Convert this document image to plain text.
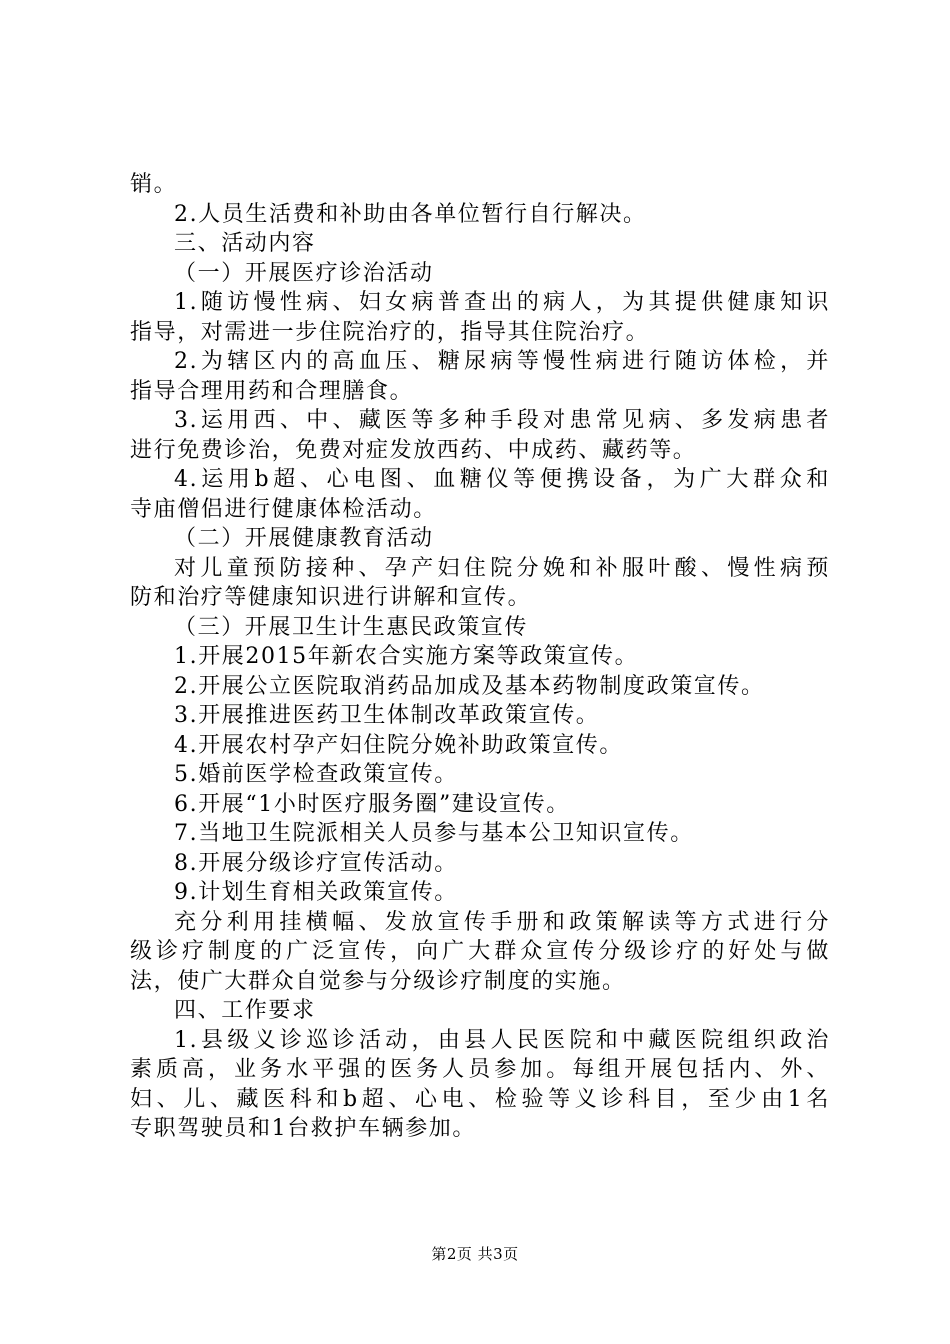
销。
2.人员生活费和补助由各单位暂行自行解决。
三、活动内容
（一）开展医疗诊治活动
1.随访慢性病、妇女病普查出的病人，为其提供健康知识
指导，对需进一步住院治疗的，指导其住院治疗。
2.为辖区内的高血压、糖尿病等慢性病进行随访体检，并
指导合理用药和合理膳食。
3.运用西、中、藏医等多种手段对患常见病、多发病患者
进行免费诊治，免费对症发放西药、中成药、藏药等。
4.运用b超、心电图、血糖仪等便携设备，为广大群众和
寺庙僧侣进行健康体检活动。
（二）开展健康教育活动
对儿童预防接种、孕产妇住院分娩和补服叶酸、慢性病预
防和治疗等健康知识进行讲解和宣传。
（三）开展卫生计生惠民政策宣传
1.开展2015年新农合实施方案等政策宣传。
2.开展公立医院取消药品加成及基本药物制度政策宣传。
3.开展推进医药卫生体制改革政策宣传。
4.开展农村孕产妇住院分娩补助政策宣传。
5.婚前医学检查政策宣传。
6.开展“1小时医疗服务圈”建设宣传。
7.当地卫生院派相关人员参与基本公卫知识宣传。
8.开展分级诊疗宣传活动。
9.计划生育相关政策宣传。
充分利用挂横幅、发放宣传手册和政策解读等方式进行分
级诊疗制度的广泛宣传，向广大群众宣传分级诊疗的好处与做
法，使广大群众自觉参与分级诊疗制度的实施。
四、工作要求
1.县级义诊巡诊活动，由县人民医院和中藏医院组织政治
素质高，业务水平强的医务人员参加。每组开展包括内、外、
妇、儿、藏医科和b超、心电、检验等义诊科目，至少由1名
专职驾驶员和1台救护车辆参加。
第2页 共3页
